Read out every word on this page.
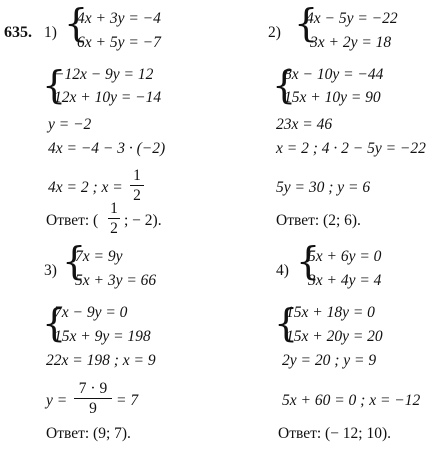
635. 1) {
4x + 3y = −4
6x + 5y = −7
{
−12x − 9y = 12
12x + 10y = −14
y = −2
4x = −4 − 3 · (−2)
4x = 2 ; x =
1
2
Ответ: (
1
2 ; − 2).
2) {
4x − 5y = −22
3x + 2y = 18
{
8x − 10y = −44
15x + 10y = 90
23x = 46
x = 2 ; 4 · 2 − 5y = −22
5y = 30 ; y = 6
Ответ: (2; 6).
3) {
7x = 9y
5x + 3y = 66
{
7x − 9y = 0
15x + 9y = 198
22x = 198 ; x = 9
y =
7 · 9
9	= 7
Ответ: (9; 7).
4) {
5x + 6y = 0
3x + 4y = 4
{
15x + 18y = 0
15x + 20y = 20
2y = 20 ; y = 9
5x + 60 = 0 ; x = −12
Ответ: (− 12; 10).
